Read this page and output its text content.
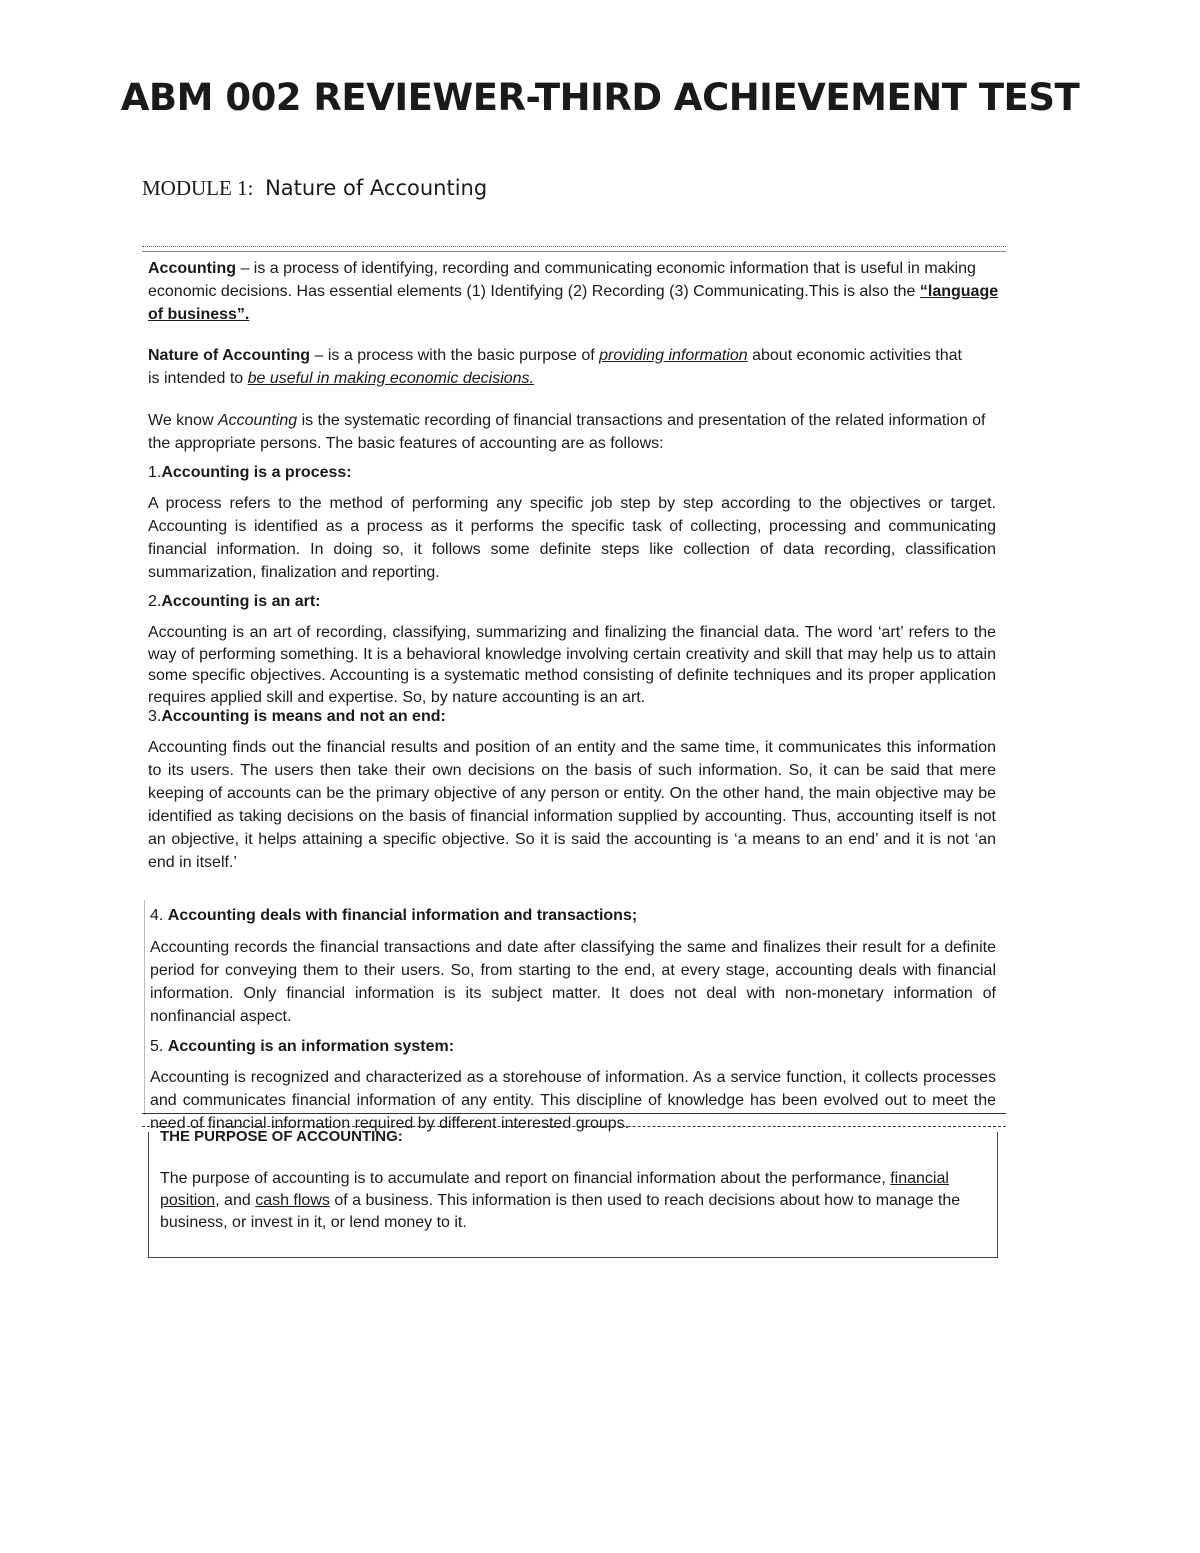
ABM 002 REVIEWER-THIRD ACHIEVEMENT TEST
MODULE 1: Nature of Accounting

Accounting – is a process of identifying, recording and communicating economic information that is useful in making economic decisions. Has essential elements (1) Identifying (2) Recording (3) Communicating.This is also the “language of business”.

Nature of Accounting – is a process with the basic purpose of providing information about economic activities that is intended to be useful in making economic decisions.

We know Accounting is the systematic recording of financial transactions and presentation of the related information of the appropriate persons. The basic features of accounting are as follows:

1.Accounting is a process:

A process refers to the method of performing any specific job step by step according to the objectives or target. Accounting is identified as a process as it performs the specific task of collecting, processing and communicating financial information. In doing so, it follows some definite steps like collection of data recording, classification summarization, finalization and reporting.

2.Accounting is an art:

Accounting is an art of recording, classifying, summarizing and finalizing the financial data. The word ‘art’ refers to the way of performing something. It is a behavioral knowledge involving certain creativity and skill that may help us to attain some specific objectives. Accounting is a systematic method consisting of definite techniques and its proper application requires applied skill and expertise. So, by nature accounting is an art.

3.Accounting is means and not an end:

Accounting finds out the financial results and position of an entity and the same time, it communicates this information to its users. The users then take their own decisions on the basis of such information. So, it can be said that mere keeping of accounts can be the primary objective of any person or entity. On the other hand, the main objective may be identified as taking decisions on the basis of financial information supplied by accounting. Thus, accounting itself is not an objective, it helps attaining a specific objective. So it is said the accounting is ‘a means to an end’ and it is not ‘an end in itself.’

4. Accounting deals with financial information and transactions;

Accounting records the financial transactions and date after classifying the same and finalizes their result for a definite period for conveying them to their users. So, from starting to the end, at every stage, accounting deals with financial information. Only financial information is its subject matter. It does not deal with non-monetary information of nonfinancial aspect.

5. Accounting is an information system:

Accounting is recognized and characterized as a storehouse of information. As a service function, it collects processes and communicates financial information of any entity. This discipline of knowledge has been evolved out to meet the need of financial information required by different interested groups.

THE PURPOSE OF ACCOUNTING:

The purpose of accounting is to accumulate and report on financial information about the performance, financial position, and cash flows of a business. This information is then used to reach decisions about how to manage the business, or invest in it, or lend money to it.
